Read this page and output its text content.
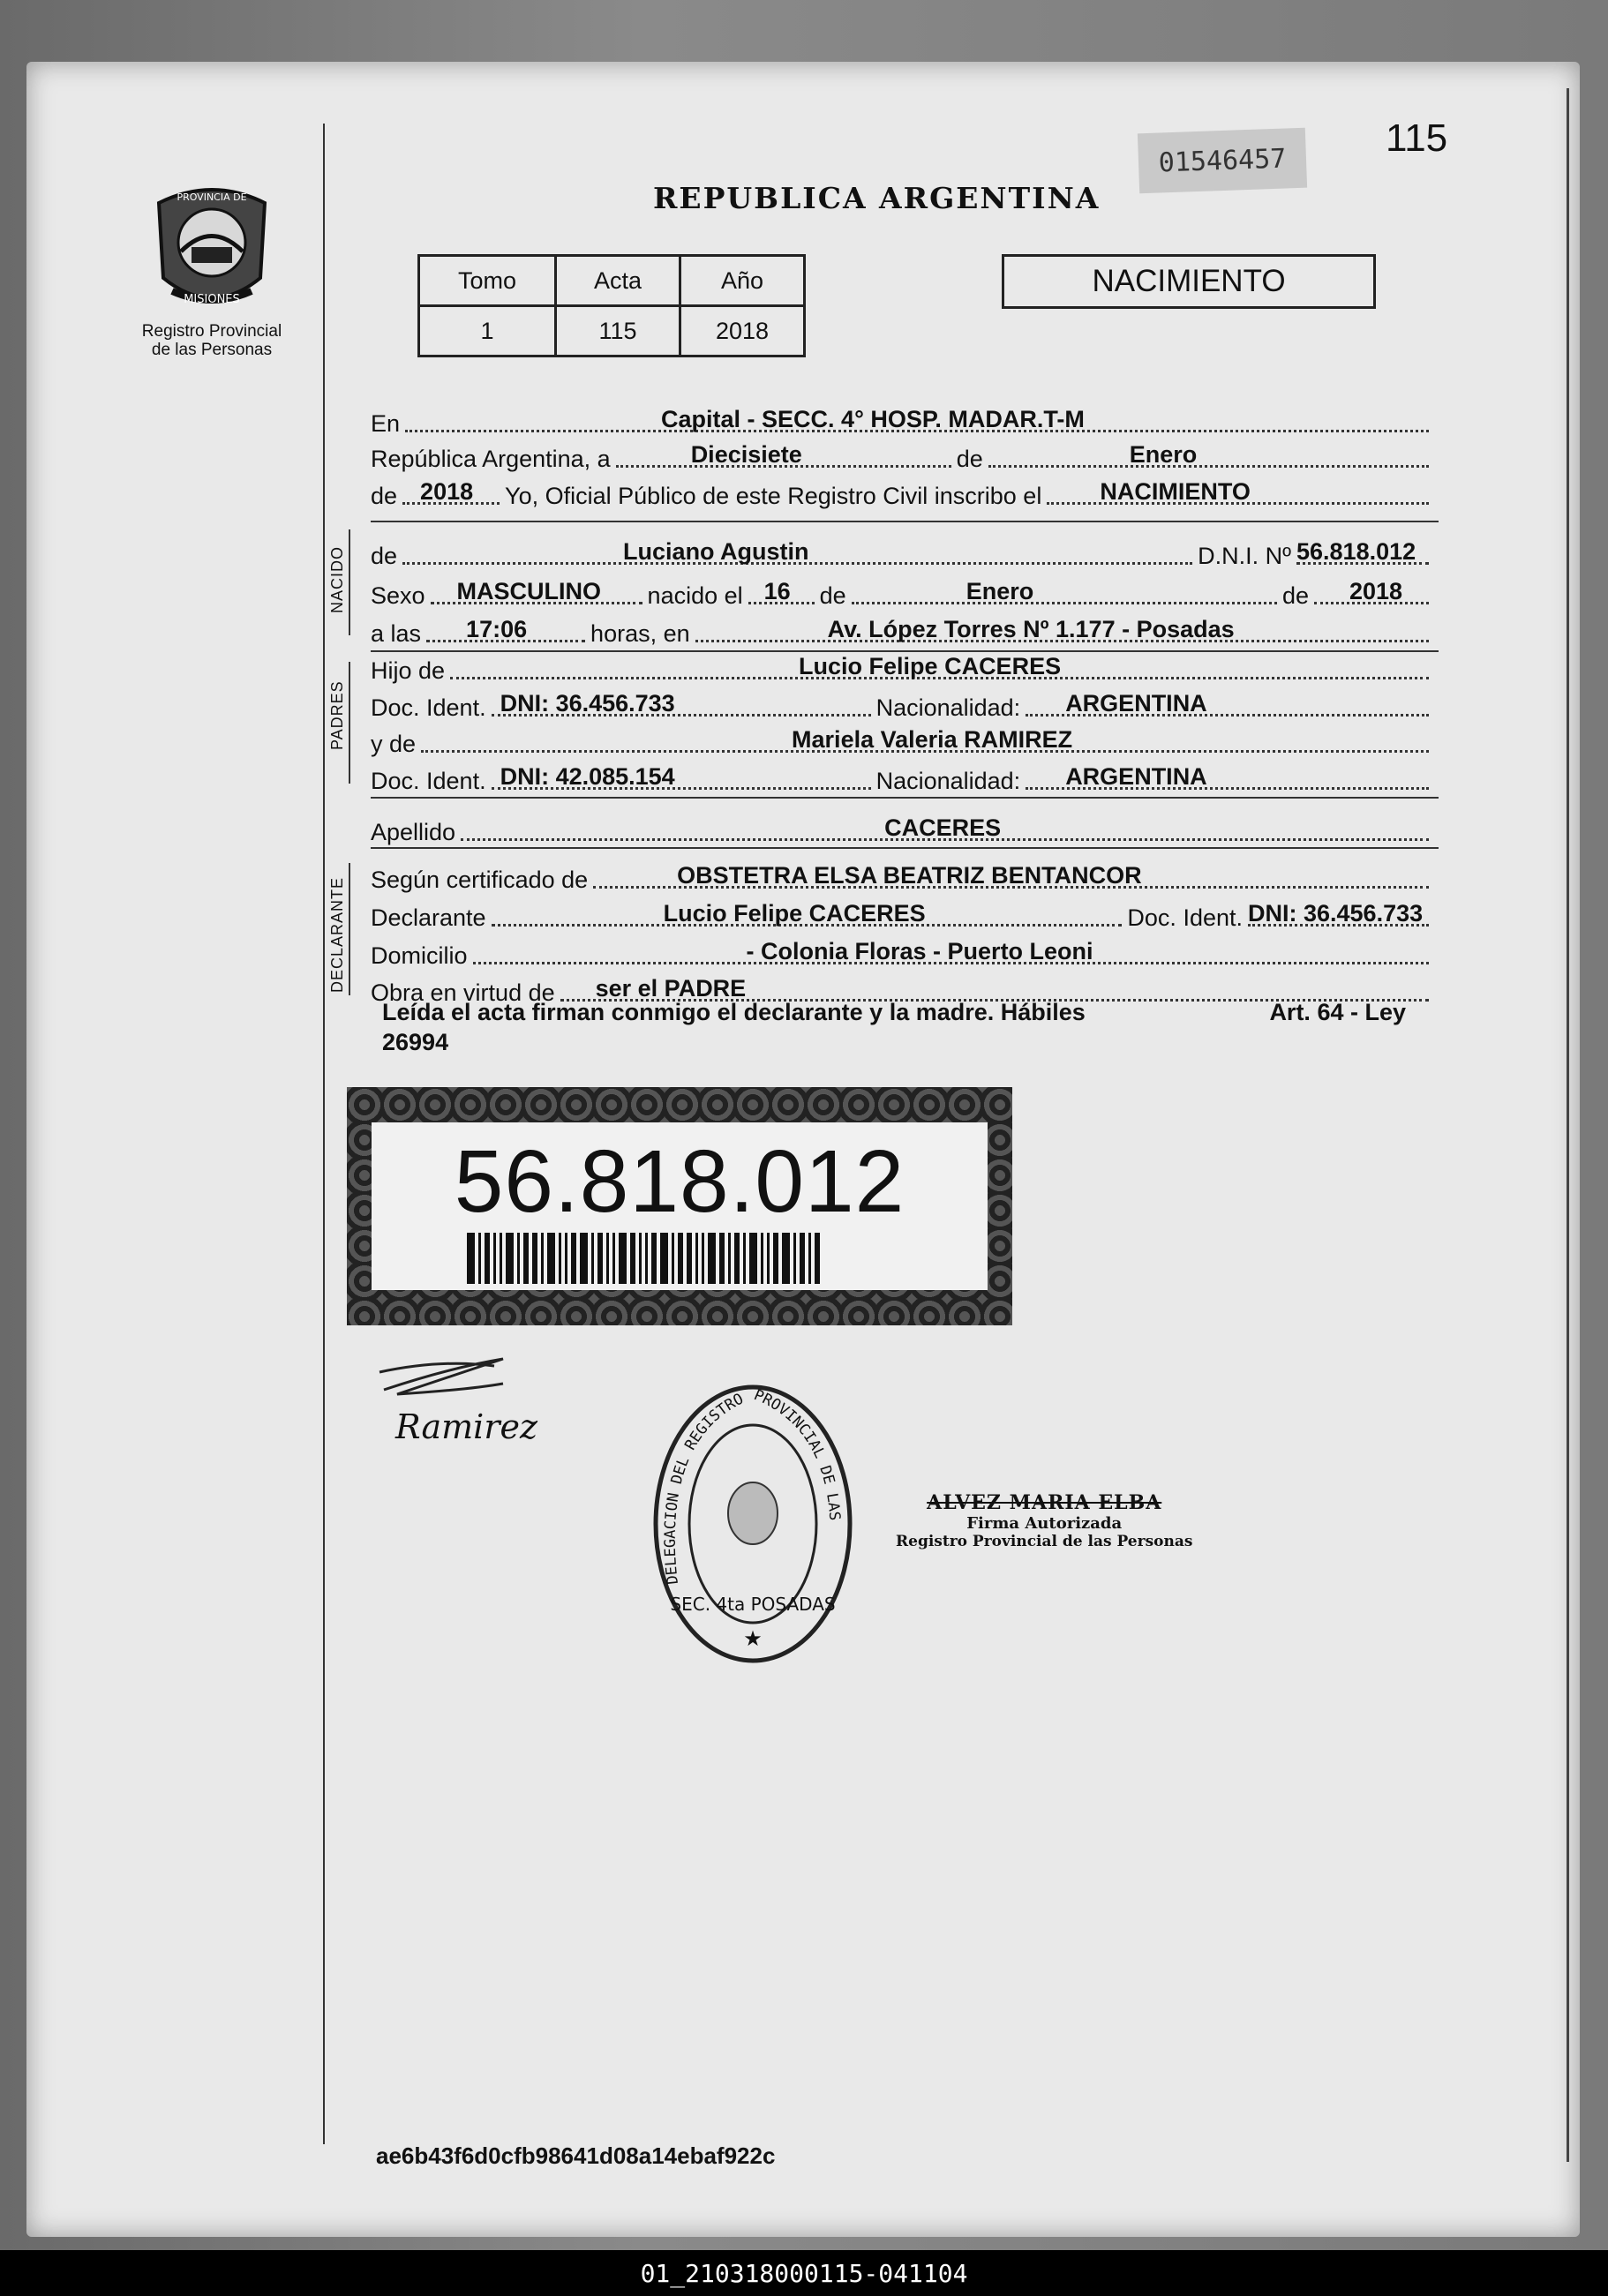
115
01546457
REPUBLICA ARGENTINA
PROVINCIA DE
MISIONES
Registro Provincial
de las Personas
Tomo	Acta	Año
1	115	2018
NACIMIENTO
En	Capital - SECC. 4° HOSP. MADAR.T-M
República Argentina, a	Diecisiete	de	Enero
de 2018 Yo, Oficial Público de este Registro Civil inscribo el NACIMIENTO
NACIDO de	Luciano Agustin	D.N.I. Nº 56.818.012
Sexo MASCULINO nacido el 16 de	Enero	de 2018
a las 17:06	horas, en	Av. López Torres Nº 1.177 - Posadas
PADRES
Hijo de	Lucio Felipe CACERES
Doc. Ident. DNI: 36.456.733	Nacionalidad: ARGENTINA
y de	Mariela Valeria RAMIREZ
Doc. Ident. DNI: 42.085.154	Nacionalidad: ARGENTINA
Apellido	CACERES
DECLARANTE Según certificado de	OBSTETRA ELSA BEATRIZ BENTANCOR
Declarante	Lucio Felipe CACERES	Doc. Ident. DNI: 36.456.733
Domicilio	- Colonia Floras - Puerto Leoni
Obra en virtud de ser el PADRE
Art. 64 - Ley
Leída el acta firman conmigo el declarante y la madre. Hábiles
26994
56.818.012
Ramirez
DELEGACION DEL REGISTRO PROVINCIAL DE LAS
SEC. 4ta POSADAS
★
ALVEZ MARIA ELBA
Firma Autorizada
Registro Provincial de las Personas
ae6b43f6d0cfb98641d08a14ebaf922c
01_210318000115-041104
